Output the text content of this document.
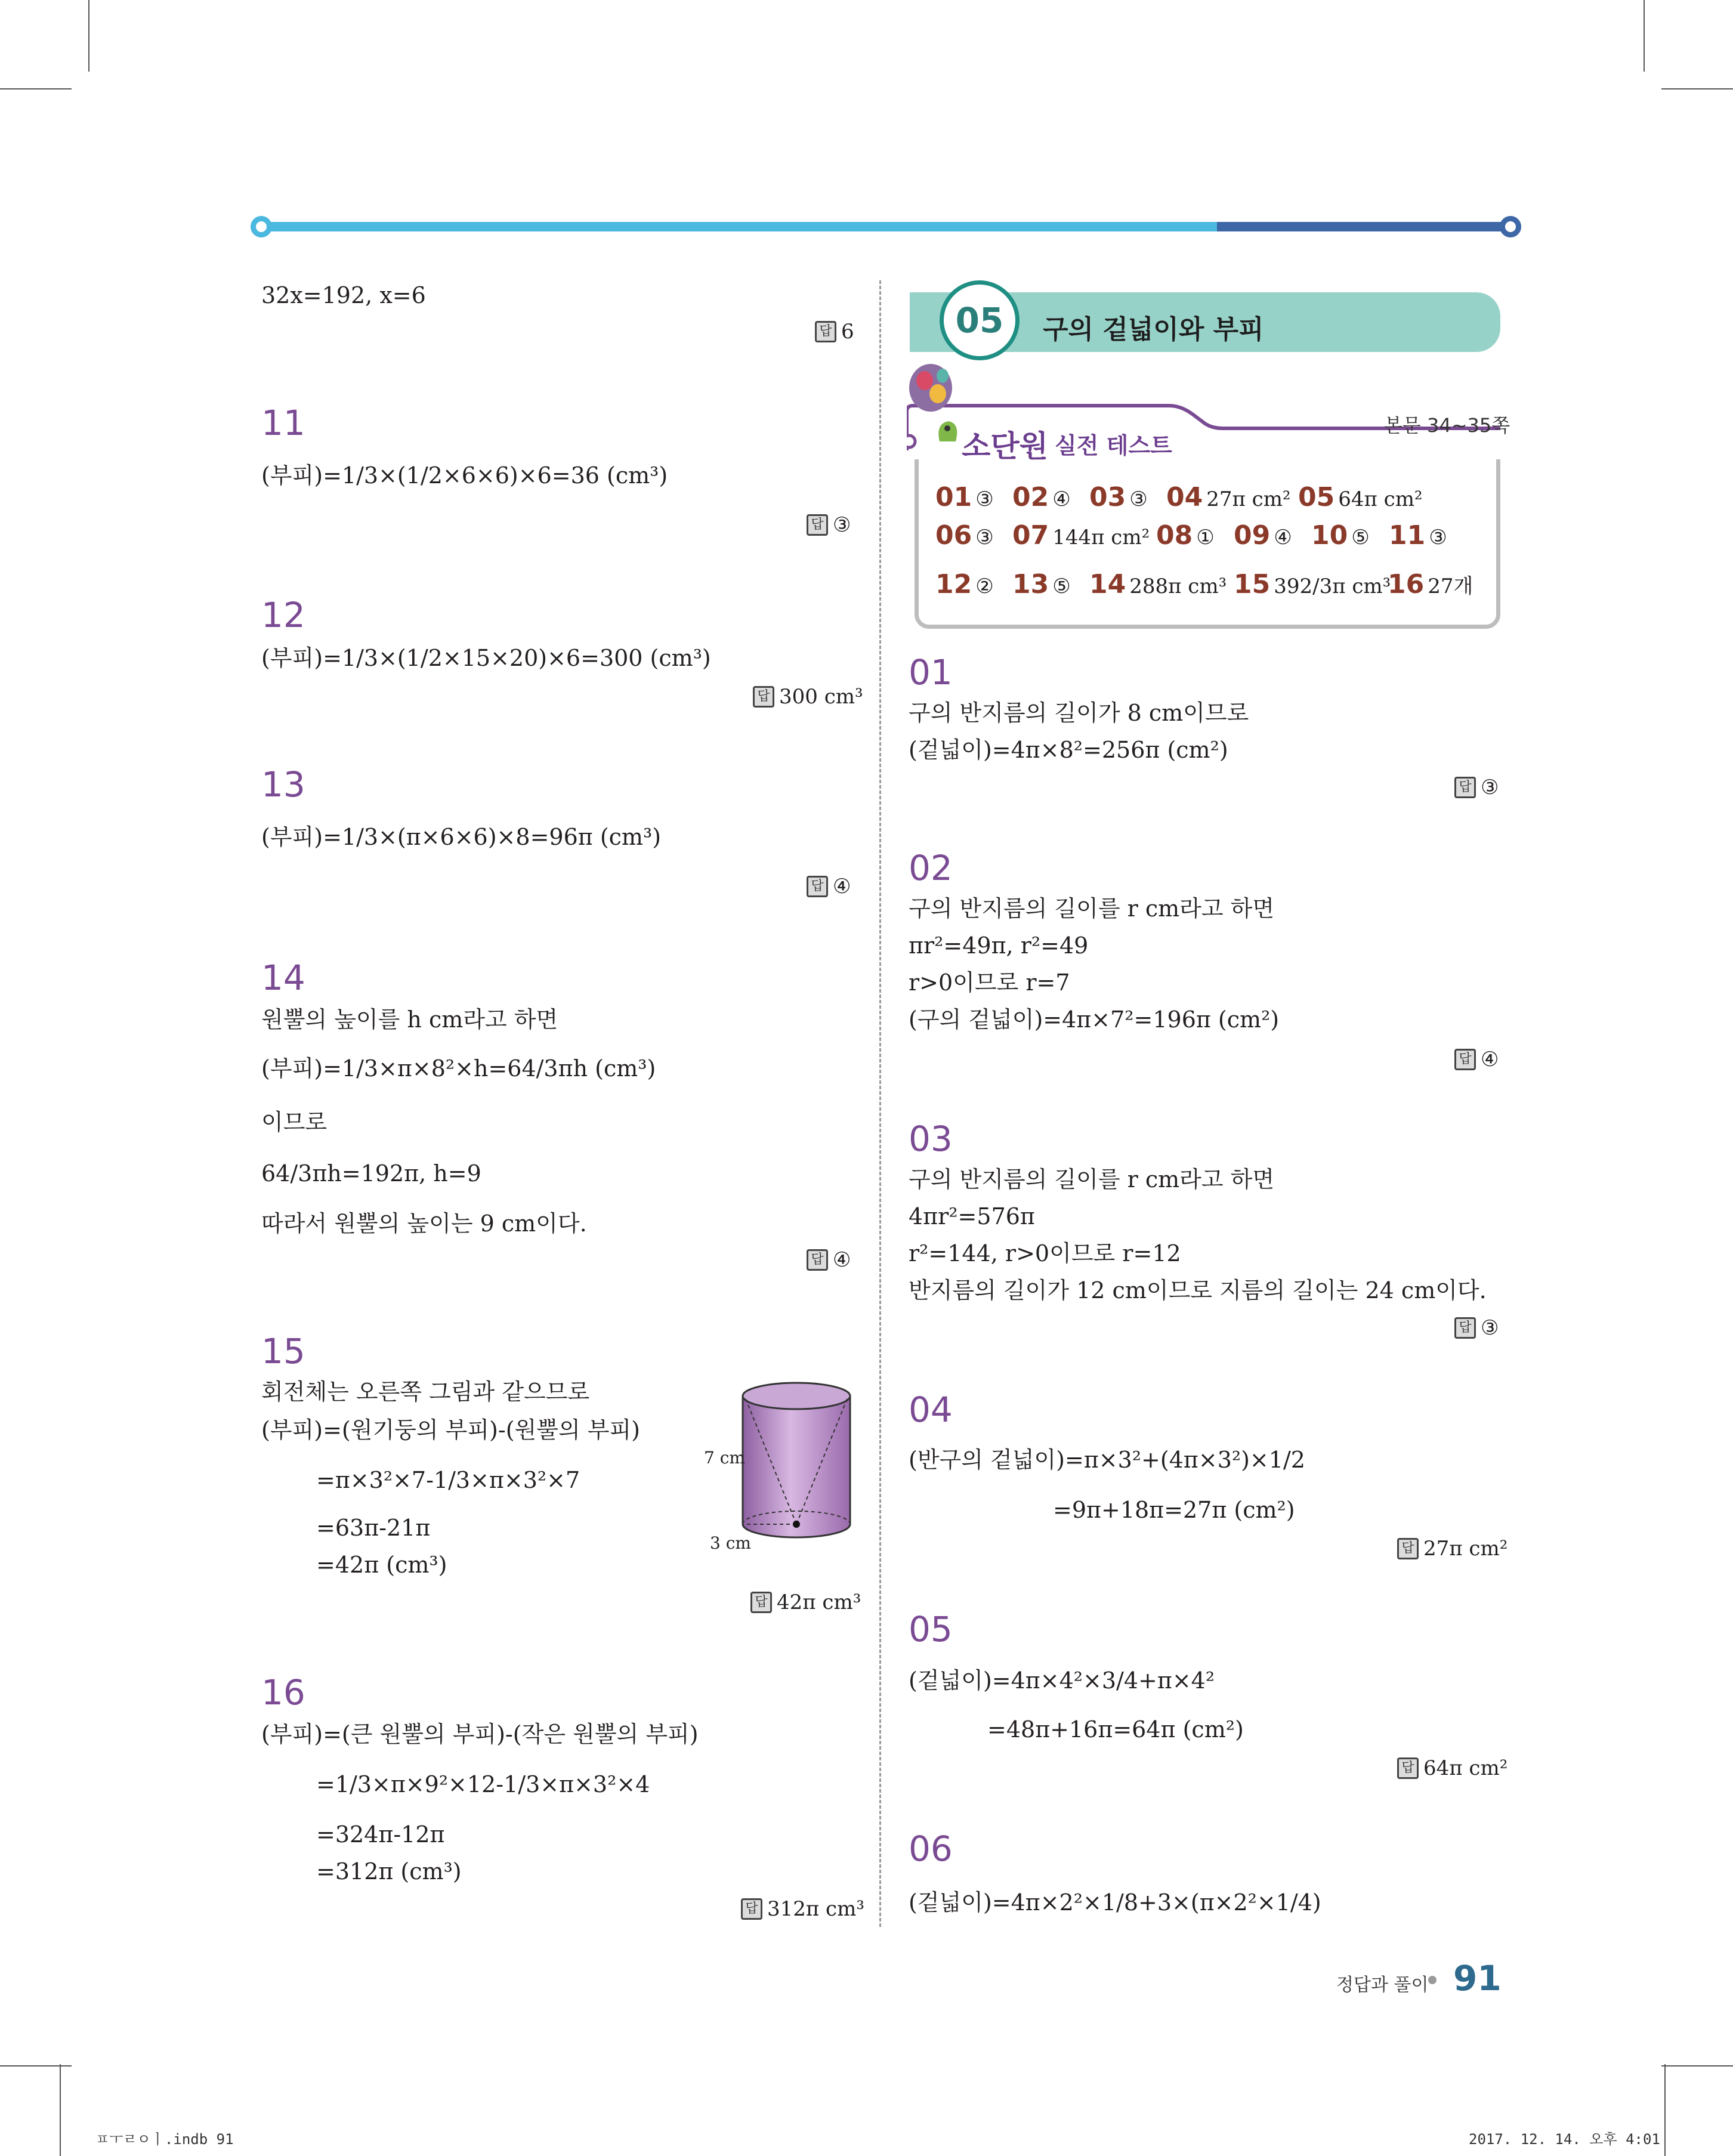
32x=192, x=6
답 6
11
(부피)=1/3×(1/2×6×6)×6=36 (cm³)
답 ③
12
(부피)=1/3×(1/2×15×20)×6=300 (cm³)
답 300 cm³
13
(부피)=1/3×(π×6×6)×8=96π (cm³)
답 ④
14
원뿔의 높이를 h cm라고 하면
(부피)=1/3×π×8²×h=64/3πh (cm³)
이므로
64/3πh=192π, h=9
따라서 원뿔의 높이는 9 cm이다.
답 ④
15
회전체는 오른쪽 그림과 같으므로
(부피)=(원기둥의 부피)-(원뿔의 부피)
=π×3²×7-1/3×π×3²×7
=63π-21π
=42π (cm³)
7 cm
3 cm
답 42π cm³
16
(부피)=(큰 원뿔의 부피)-(작은 원뿔의 부피)
=1/3×π×9²×12-1/3×π×3²×4
=324π-12π
=312π (cm³)
답 312π cm³
05	구의 겉넓이와 부피
소단원 실전 테스트
본문 34~35쪽
01 ③ 02 ④ 03 ③ 04 27π cm² 05 64π cm²
06 ③ 07 144π cm² 08 ① 09 ④ 10 ⑤ 11 ③
12 ② 13 ⑤ 14 288π cm³ 15 392/3π cm³
16 27개
01
구의 반지름의 길이가 8 cm이므로
(겉넓이)=4π×8²=256π (cm²)
답 ③
02
구의 반지름의 길이를 r cm라고 하면
πr²=49π, r²=49
r>0이므로 r=7
(구의 겉넓이)=4π×7²=196π (cm²)
답 ④
03
구의 반지름의 길이를 r cm라고 하면
4πr²=576π
r²=144, r>0이므로 r=12
반지름의 길이가 12 cm이므로 지름의 길이는 24 cm이다.
답 ③
04
(반구의 겉넓이)=π×3²+(4π×3²)×1/2
=9π+18π=27π (cm²)
답 27π cm²
05
(겉넓이)=4π×4²×3/4+π×4²
=48π+16π=64π (cm²)
답 64π cm²
06
(겉넓이)=4π×2²×1/8+3×(π×2²×1/4)
정답과 풀이 91
ㅍㅜㄹㅇㅣ.indb 91	2017. 12. 14. 오후 4:01
